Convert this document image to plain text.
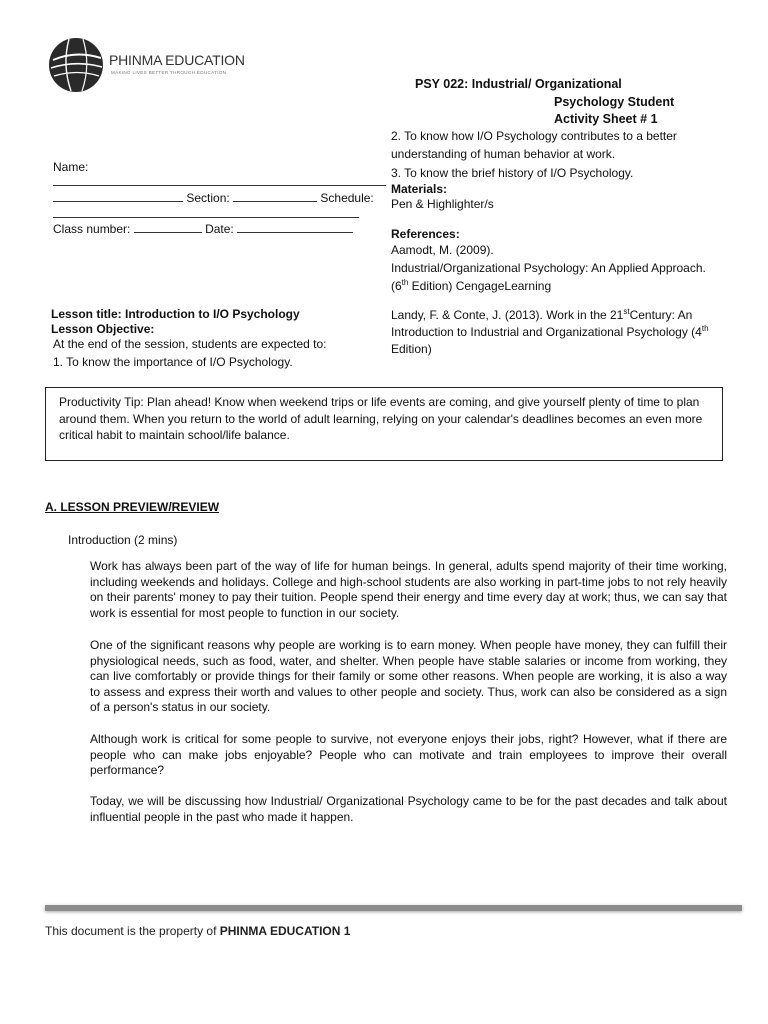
PHINMA EDUCATION
MAKING LIVES BETTER THROUGH EDUCATION
PSY 022: Industrial/ Organizational
Psychology Student
Activity Sheet # 1
2. To know how I/O Psychology contributes to a better understanding of human behavior at work.
3. To know the brief history of I/O Psychology.
Name:
Section:	Schedule:
Class number:	Date:
Materials:
Pen & Highlighter/s
References:
Aamodt, M. (2009).
Industrial/Organizational Psychology: An Applied Approach.
(6th Edition) CengageLearning
Landy, F. & Conte, J. (2013). Work in the 21stCentury: An Introduction to Industrial and Organizational Psychology (4th Edition)
Lesson title: Introduction to I/O Psychology
Lesson Objective:
At the end of the session, students are expected to:
1. To know the importance of I/O Psychology.
Productivity Tip: Plan ahead! Know when weekend trips or life events are coming, and give yourself plenty of time to plan around them. When you return to the world of adult learning, relying on your calendar's deadlines becomes an even more critical habit to maintain school/life balance.
A. LESSON PREVIEW/REVIEW
Introduction (2 mins)
Work has always been part of the way of life for human beings. In general, adults spend majority of their time working, including weekends and holidays. College and high-school students are also working in part-time jobs to not rely heavily on their parents' money to pay their tuition. People spend their energy and time every day at work; thus, we can say that work is essential for most people to function in our society.
One of the significant reasons why people are working is to earn money. When people have money, they can fulfill their physiological needs, such as food, water, and shelter. When people have stable salaries or income from working, they can live comfortably or provide things for their family or some other reasons. When people are working, it is also a way to assess and express their worth and values to other people and society. Thus, work can also be considered as a sign of a person's status in our society.
Although work is critical for some people to survive, not everyone enjoys their jobs, right? However, what if there are people who can make jobs enjoyable? People who can motivate and train employees to improve their overall performance?
Today, we will be discussing how Industrial/ Organizational Psychology came to be for the past decades and talk about influential people in the past who made it happen.
This document is the property of PHINMA EDUCATION 1
